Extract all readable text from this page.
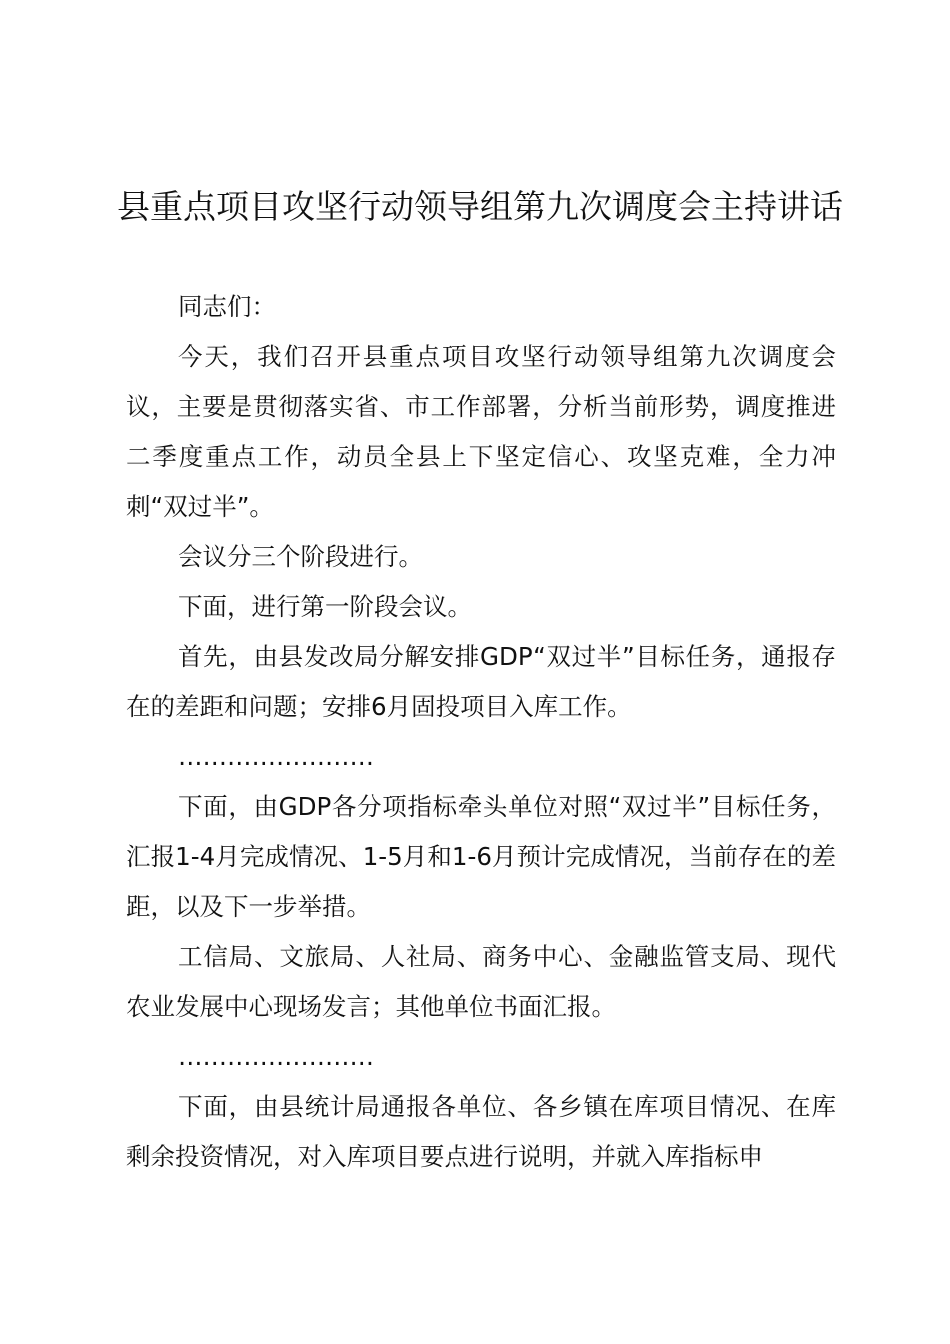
县重点项目攻坚行动领导组第九次调度会主持讲话

同志们：

今天，我们召开县重点项目攻坚行动领导组第九次调度会议，主要是贯彻落实省、市工作部署，分析当前形势，调度推进二季度重点工作，动员全县上下坚定信心、攻坚克难，全力冲刺“双过半”。

会议分三个阶段进行。

下面，进行第一阶段会议。

首先，由县发改局分解安排GDP“双过半”目标任务，通报存在的差距和问题；安排6月固投项目入库工作。

……………………

下面，由GDP各分项指标牵头单位对照“双过半”目标任务，汇报1-4月完成情况、1-5月和1-6月预计完成情况，当前存在的差距，以及下一步举措。

工信局、文旅局、人社局、商务中心、金融监管支局、现代农业发展中心现场发言；其他单位书面汇报。

……………………

下面，由县统计局通报各单位、各乡镇在库项目情况、在库剩余投资情况，对入库项目要点进行说明，并就入库指标申
